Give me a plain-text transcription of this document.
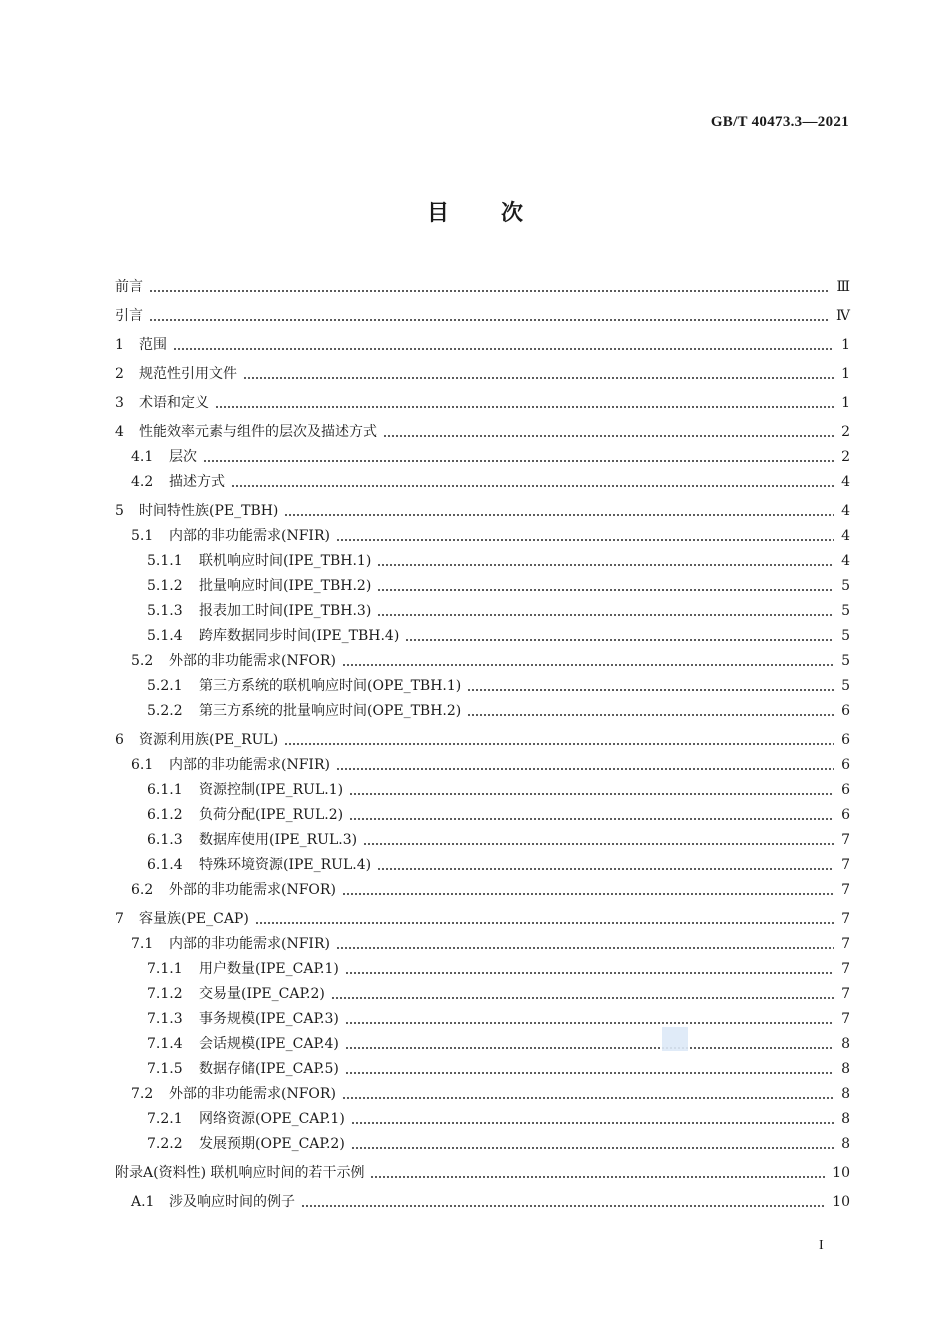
GB/T 40473.3—2021
目次
前言	Ⅲ
引言	Ⅳ
1	范围	1
2	规范性引用文件	1
3	术语和定义	1
4	性能效率元素与组件的层次及描述方式	2
4.1	层次	2
4.2	描述方式	4
5	时间特性族(PE_TBH)	4
5.1	内部的非功能需求(NFIR)	4
5.1.1	联机响应时间(IPE_TBH.1)	4
5.1.2	批量响应时间(IPE_TBH.2)	5
5.1.3	报表加工时间(IPE_TBH.3)	5
5.1.4	跨库数据同步时间(IPE_TBH.4)	5
5.2	外部的非功能需求(NFOR)	5
5.2.1	第三方系统的联机响应时间(OPE_TBH.1)	5
5.2.2	第三方系统的批量响应时间(OPE_TBH.2)	6
6	资源利用族(PE_RUL)	6
6.1	内部的非功能需求(NFIR)	6
6.1.1	资源控制(IPE_RUL.1)	6
6.1.2	负荷分配(IPE_RUL.2)	6
6.1.3	数据库使用(IPE_RUL.3)	7
6.1.4	特殊环境资源(IPE_RUL.4)	7
6.2	外部的非功能需求(NFOR)	7
7	容量族(PE_CAP)	7
7.1	内部的非功能需求(NFIR)	7
7.1.1	用户数量(IPE_CAP.1)	7
7.1.2	交易量(IPE_CAP.2)	7
7.1.3	事务规模(IPE_CAP.3)	7
7.1.4	会话规模(IPE_CAP.4)	8
7.1.5	数据存储(IPE_CAP.5)	8
7.2	外部的非功能需求(NFOR)	8
7.2.1	网络资源(OPE_CAP.1)	8
7.2.2	发展预期(OPE_CAP.2)	8
附录A(资料性) 联机响应时间的若干示例	10
A.1	涉及响应时间的例子	10
I
